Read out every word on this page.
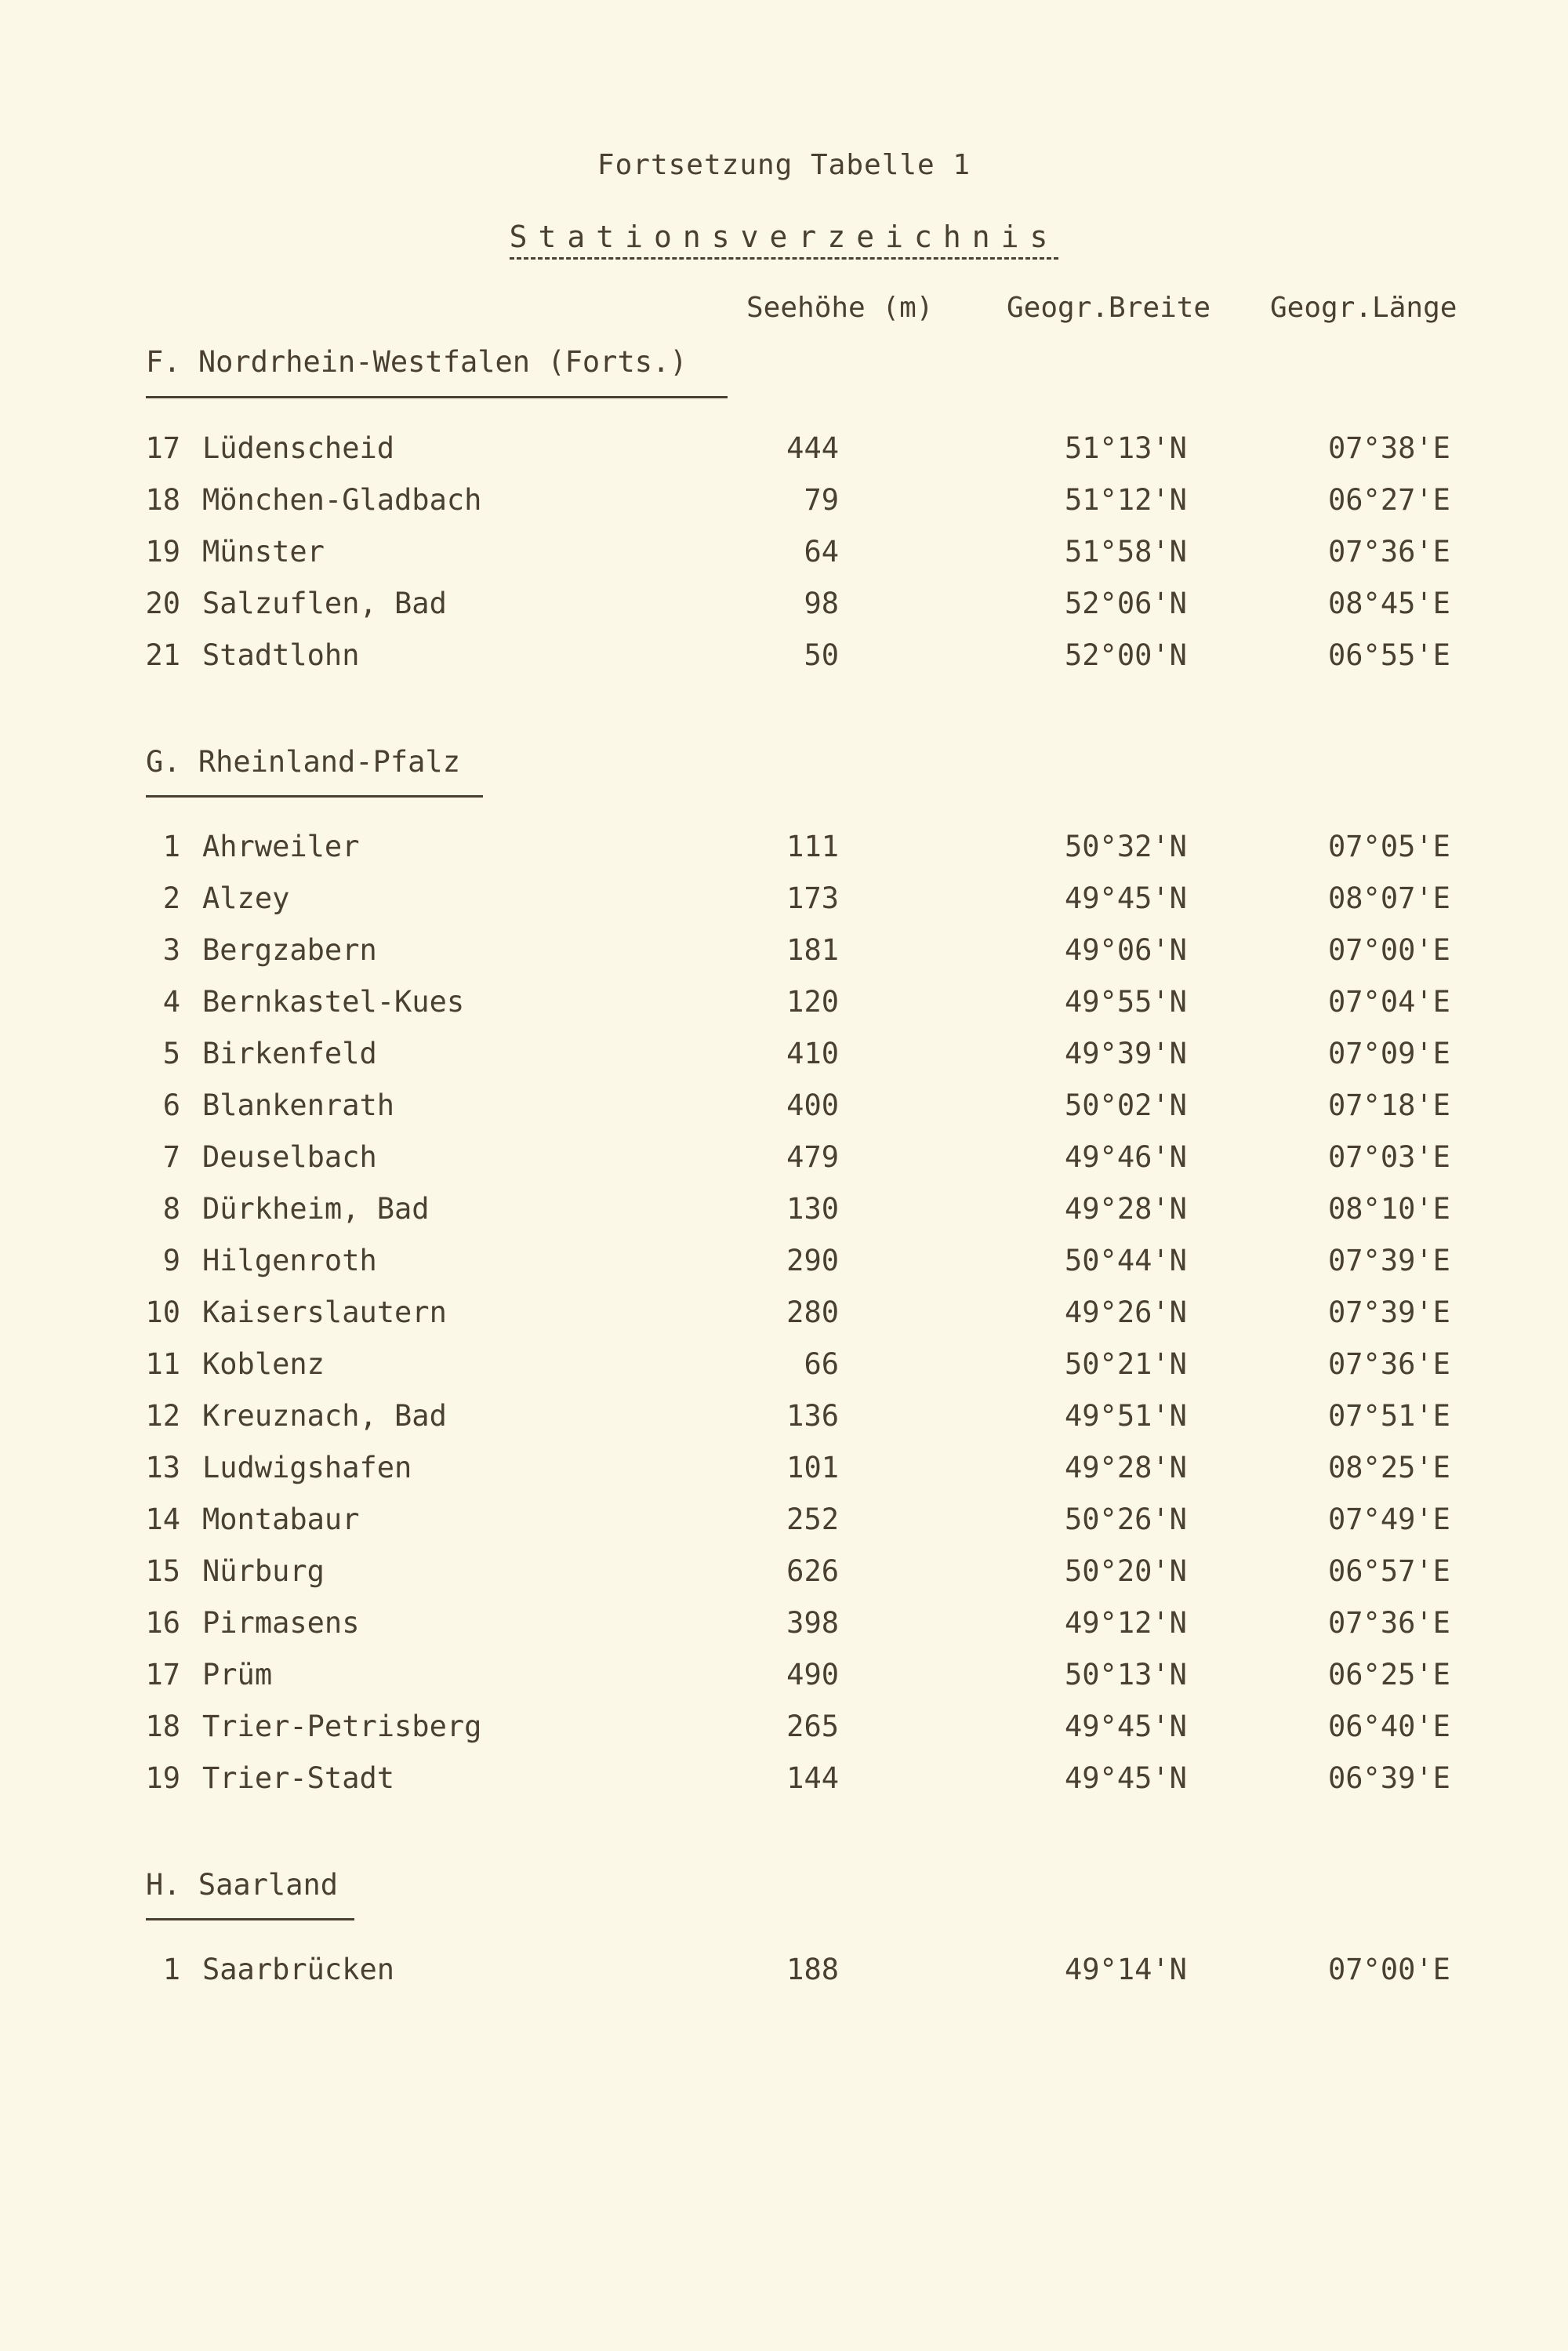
Fortsetzung Tabelle 1
Stationsverzeichnis
Seehöhe (m)	Geogr.Breite Geogr.Länge
F. Nordrhein-Westfalen (Forts.)
17 Lüdenscheid	444	51°13'N	07°38'E
18 Mönchen-Gladbach	79	51°12'N	06°27'E
19 Münster	64	51°58'N	07°36'E
20 Salzuflen, Bad	98	52°06'N	08°45'E
21 Stadtlohn	50	52°00'N	06°55'E
G. Rheinland-Pfalz
1 Ahrweiler	111	50°32'N	07°05'E
2 Alzey	173	49°45'N	08°07'E
3 Bergzabern	181	49°06'N	07°00'E
4 Bernkastel-Kues	120	49°55'N	07°04'E
5 Birkenfeld	410	49°39'N	07°09'E
6 Blankenrath	400	50°02'N	07°18'E
7 Deuselbach	479	49°46'N	07°03'E
8 Dürkheim, Bad	130	49°28'N	08°10'E
9 Hilgenroth	290	50°44'N	07°39'E
10 Kaiserslautern	280	49°26'N	07°39'E
11 Koblenz	66	50°21'N	07°36'E
12 Kreuznach, Bad	136	49°51'N	07°51'E
13 Ludwigshafen	101	49°28'N	08°25'E
14 Montabaur	252	50°26'N	07°49'E
15 Nürburg	626	50°20'N	06°57'E
16 Pirmasens	398	49°12'N	07°36'E
17 Prüm	490	50°13'N	06°25'E
18 Trier-Petrisberg	265	49°45'N	06°40'E
19 Trier-Stadt	144	49°45'N	06°39'E
H. Saarland
1 Saarbrücken	188	49°14'N	07°00'E
